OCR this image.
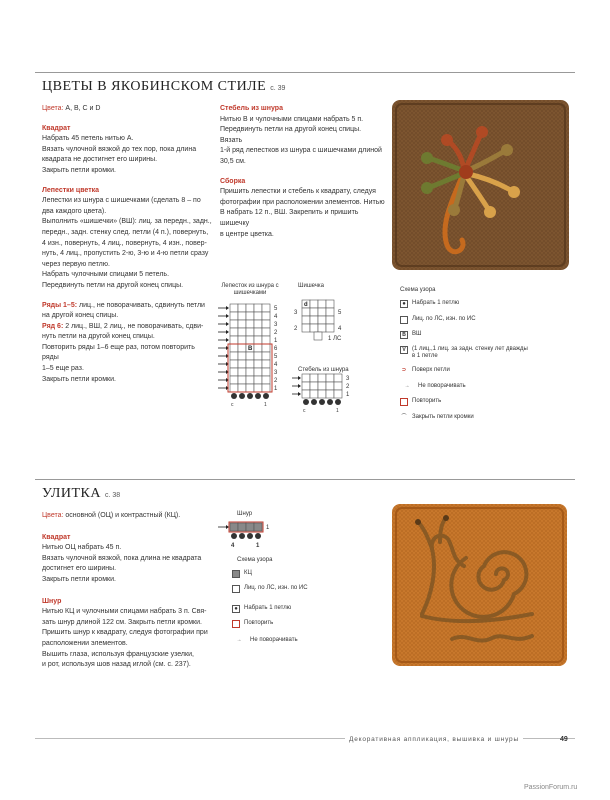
ЦВЕТЫ В ЯКОБИНСКОМ СТИЛЕ с. 39

Цвета: A, B, C и D

Квадрат

Набрать 45 петель нитью А.

Вязать чулочной вязкой до тех пор, пока длина

квадрата не достигнет его ширины.

Закрыть петли кромки.

Лепестки цветка

Лепестки из шнура с шишечками (сделать 8 – по

два каждого цвета).

Выполнить «шишечки» (ВШ): лиц. за передн., задн.,

передн., задн. стенку след. петли (4 п.), повернуть,

4 изн., повернуть, 4 лиц., повернуть, 4 изн., повер-

нуть, 4 лиц., пропустить 2-ю, 3-ю и 4-ю петли сразу

через первую петлю.

Набрать чулочными спицами 5 петель.

Передвинуть петли на другой конец спицы.

Ряды 1–5: лиц., не поворачивать, сдвинуть петли

на другой конец спицы.

Ряд 6: 2 лиц., ВШ, 2 лиц., не поворачивать, сдви-

нуть петли на другой конец спицы.

Повторить ряды 1–6 еще раз, потом повторить ряды

1–5 еще раз.

Закрыть петли кромки.

Стебель из шнура

Нитью В и чулочными спицами набрать 5 п.

Передвинуть петли на другой конец спицы. Вязать

1-й ряд лепестков из шнура с шишечками длиной

30,5 см.

Сборка

Пришить лепестки и стебель к квадрату, следуя

фотографии при расположении элементов. Нитью

В набрать 12 п., ВШ. Закрепить и пришить шишечку

в центре цветка.

Лепесток из шнура с шишечками
Шишечка
Стебель из шнура
5
4
3
2
1
6
5
4
3
2
1
B
с	1
d
5
4
3
2
1 ЛС
3
2
1
с	1
Схема узора
●	Набрать 1 петлю
Лиц. по ЛС, изн. по ИС
B	ВШ
V	(1 лиц.,1 лиц. за задн. стенку лет дважды в 1 петле
⊃ Поверх петли
→	Не поворачивать
Повторить
⌒ Закрыть петли кромки
УЛИТКА с. 38

Цвета: основной (ОЦ) и контрастный (КЦ).

Квадрат

Нитью ОЦ набрать 45 п.

Вязать чулочной вязкой, пока длина не квадрата

достигнет его ширины.

Закрыть петли кромки.

Шнур

Нитью КЦ и чулочными спицами набрать 3 п. Свя-

зать шнур длиной 122 см. Закрыть петли кромки.

Пришить шнур к квадрату, следуя фотографии при

расположении элементов.

Вышить глаза, используя французские узелки,

и рот, используя шов назад иглой (см. с. 237).

Шнур
1
4	1
Схема узора
КЦ
Лиц. по ЛС, изн. по ИС
●	Набрать 1 петлю
Повторить
→	Не поворачивать
Декоративная аппликация, вышивка и шнуры	49
PassionForum.ru
